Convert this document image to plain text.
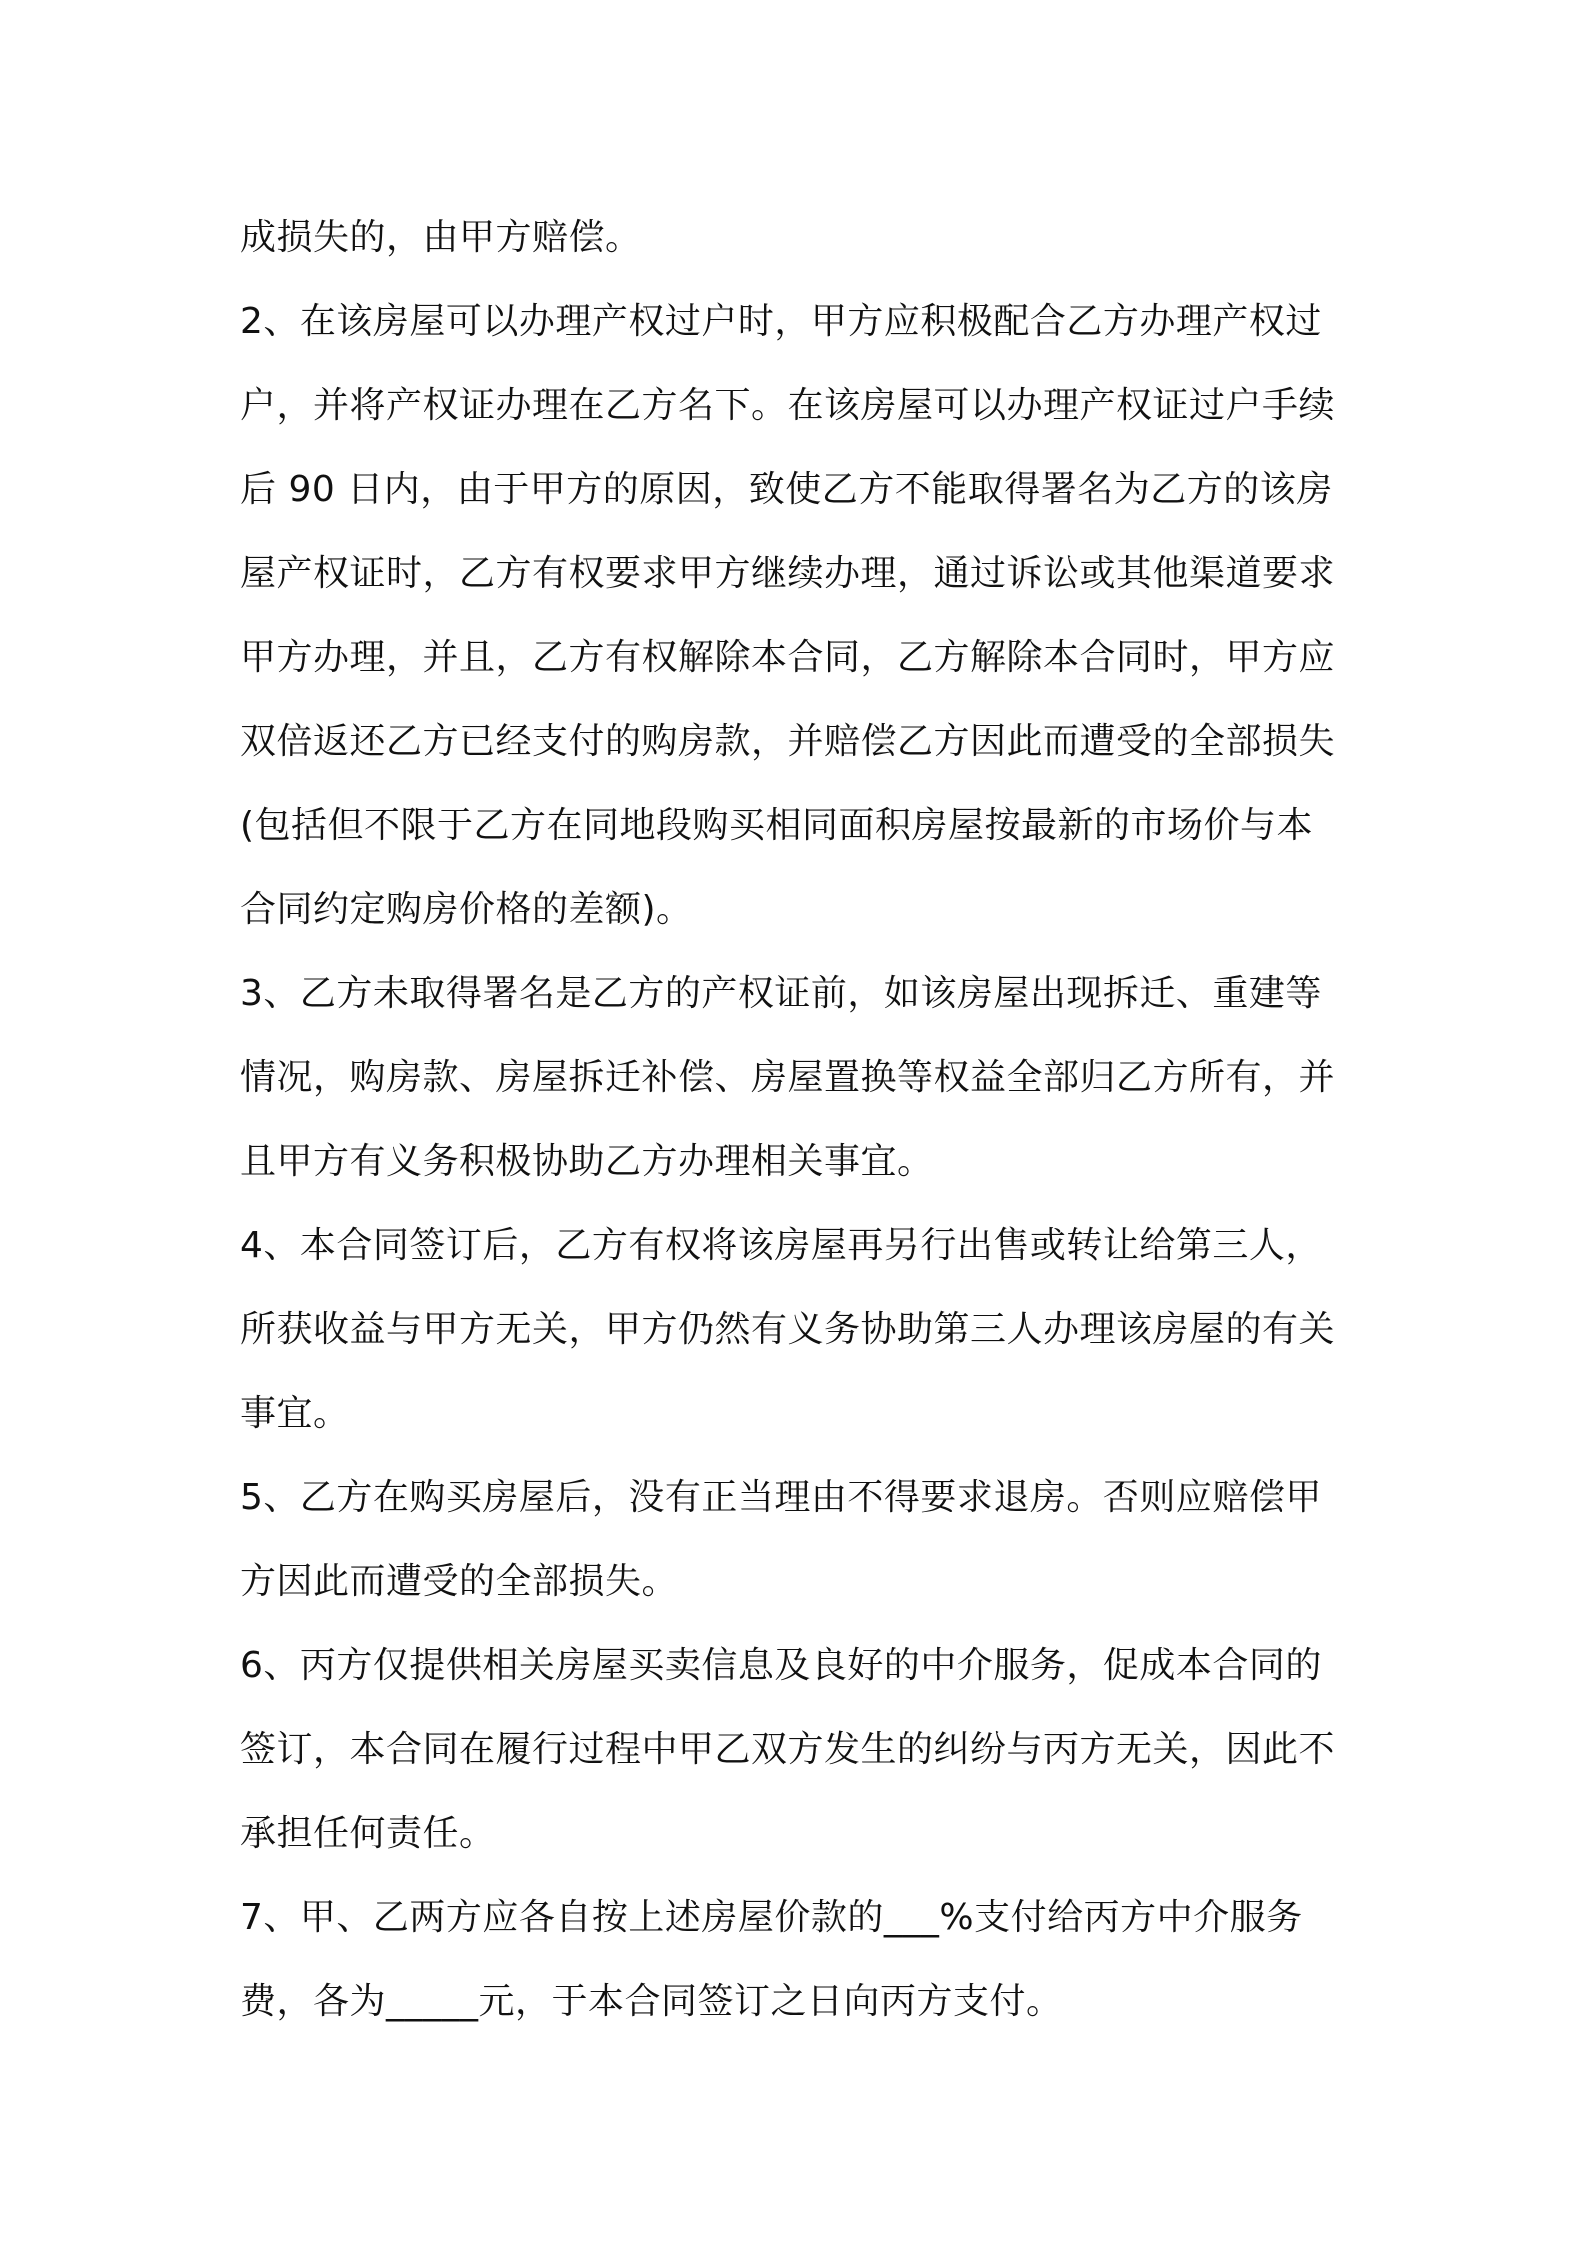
成损失的，由甲方赔偿。

2、在该房屋可以办理产权过户时，甲方应积极配合乙方办理产权过
户，并将产权证办理在乙方名下。在该房屋可以办理产权证过户手续
后 90 日内，由于甲方的原因，致使乙方不能取得署名为乙方的该房
屋产权证时，乙方有权要求甲方继续办理，通过诉讼或其他渠道要求
甲方办理，并且，乙方有权解除本合同，乙方解除本合同时，甲方应
双倍返还乙方已经支付的购房款，并赔偿乙方因此而遭受的全部损失
(包括但不限于乙方在同地段购买相同面积房屋按最新的市场价与本
合同约定购房价格的差额)。

3、乙方未取得署名是乙方的产权证前，如该房屋出现拆迁、重建等
情况，购房款、房屋拆迁补偿、房屋置换等权益全部归乙方所有，并
且甲方有义务积极协助乙方办理相关事宜。

4、本合同签订后，乙方有权将该房屋再另行出售或转让给第三人，
所获收益与甲方无关，甲方仍然有义务协助第三人办理该房屋的有关
事宜。

5、乙方在购买房屋后，没有正当理由不得要求退房。否则应赔偿甲
方因此而遭受的全部损失。

6、丙方仅提供相关房屋买卖信息及良好的中介服务，促成本合同的
签订，本合同在履行过程中甲乙双方发生的纠纷与丙方无关，因此不
承担任何责任。

7、甲、乙两方应各自按上述房屋价款的___%支付给丙方中介服务
费，各为_____元，于本合同签订之日向丙方支付。
